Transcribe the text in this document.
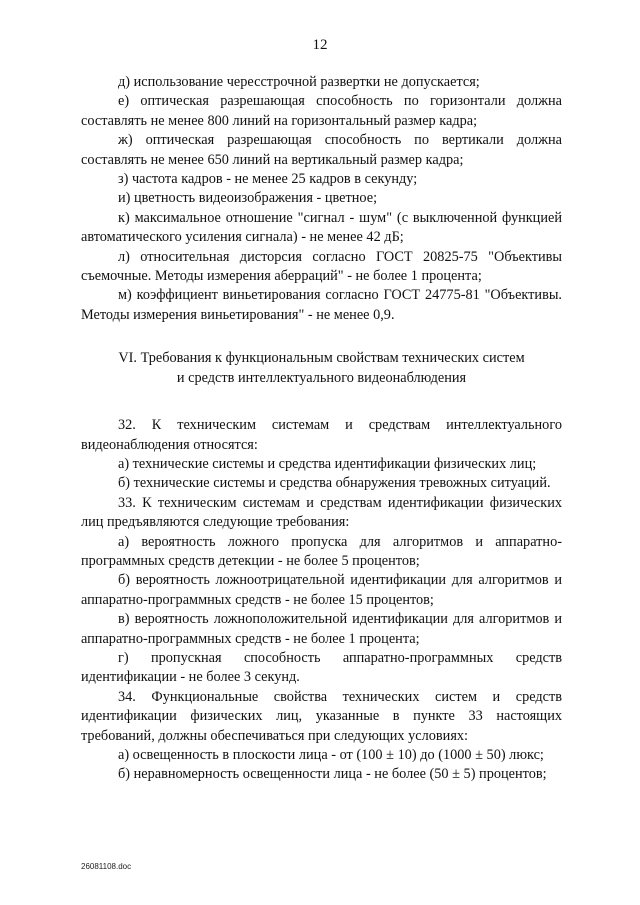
12

д) использование чересстрочной развертки не допускается;

е) оптическая разрешающая способность по горизонтали должна составлять не менее 800 линий на горизонтальный размер кадра;

ж) оптическая разрешающая способность по вертикали должна составлять не менее 650 линий на вертикальный размер кадра;

з) частота кадров - не менее 25 кадров в секунду;

и) цветность видеоизображения - цветное;

к) максимальное отношение "сигнал - шум" (с выключенной функцией автоматического усиления сигнала) - не менее 42 дБ;

л) относительная дисторсия согласно ГОСТ 20825-75 "Объективы съемочные. Методы измерения аберраций" - не более 1 процента;

м) коэффициент виньетирования согласно ГОСТ 24775-81 "Объективы. Методы измерения виньетирования" - не менее 0,9.

VI. Требования к функциональным свойствам технических систем
и средств интеллектуального видеонаблюдения

32. К техническим системам и средствам интеллектуального видеонаблюдения относятся:

а) технические системы и средства идентификации физических лиц;

б) технические системы и средства обнаружения тревожных ситуаций.

33. К техническим системам и средствам идентификации физических лиц предъявляются следующие требования:

а) вероятность ложного пропуска для алгоритмов и аппаратно-программных средств детекции - не более 5 процентов;

б) вероятность ложноотрицательной идентификации для алгоритмов и аппаратно-программных средств - не более 15 процентов;

в) вероятность ложноположительной идентификации для алгоритмов и аппаратно-программных средств - не более 1 процента;

г) пропускная способность аппаратно-программных средств идентификации - не более 3 секунд.

34. Функциональные свойства технических систем и средств идентификации физических лиц, указанные в пункте 33 настоящих требований, должны обеспечиваться при следующих условиях:

а) освещенность в плоскости лица - от (100 ± 10) до (1000 ± 50) люкс;

б) неравномерность освещенности лица - не более (50 ± 5) процентов;

26081108.doc
